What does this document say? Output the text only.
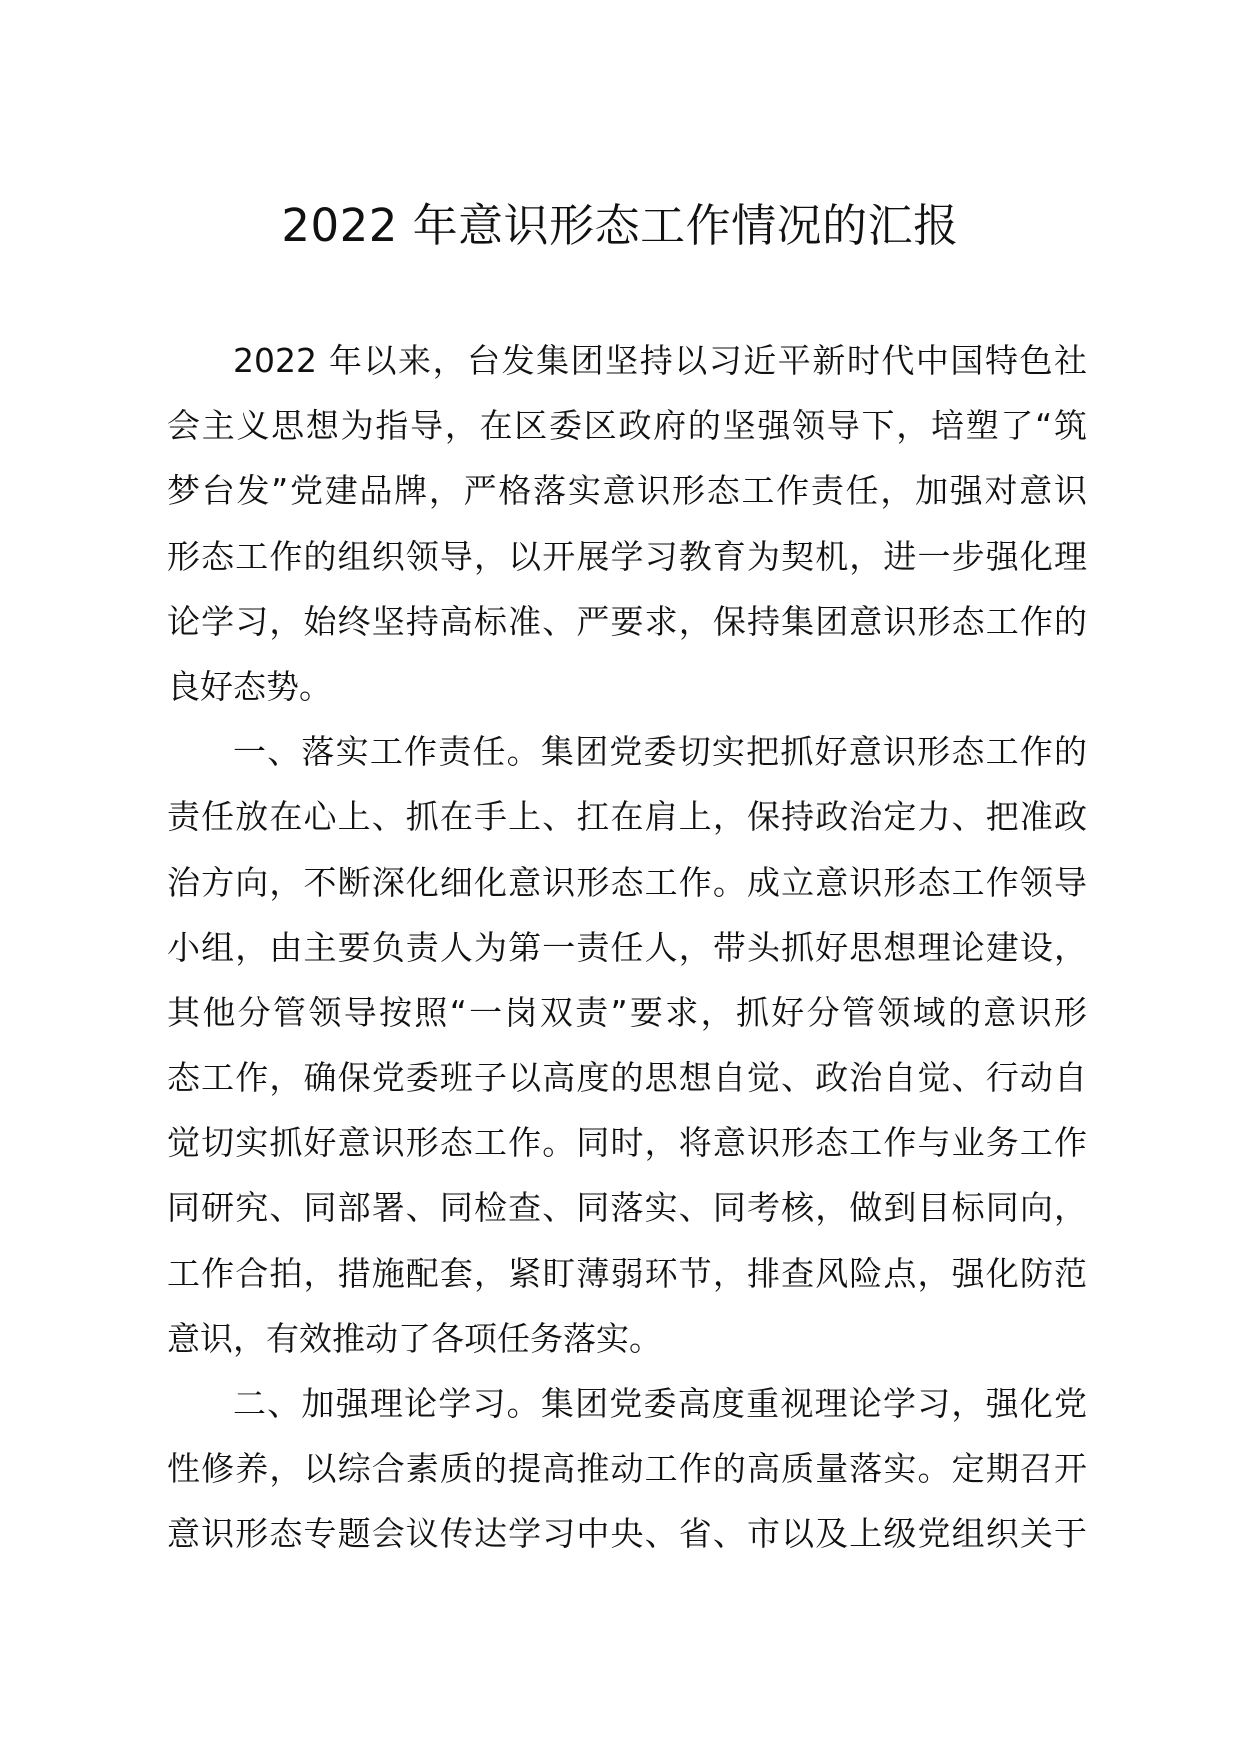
2022 年意识形态工作情况的汇报
2022 年以来，台发集团坚持以习近平新时代中国特色社
会主义思想为指导，在区委区政府的坚强领导下，培塑了“筑
梦台发”党建品牌，严格落实意识形态工作责任，加强对意识
形态工作的组织领导，以开展学习教育为契机，进一步强化理
论学习，始终坚持高标准、严要求，保持集团意识形态工作的
良好态势。
一、落实工作责任。集团党委切实把抓好意识形态工作的
责任放在心上、抓在手上、扛在肩上，保持政治定力、把准政
治方向，不断深化细化意识形态工作。成立意识形态工作领导
小组，由主要负责人为第一责任人，带头抓好思想理论建设，
其他分管领导按照“一岗双责”要求，抓好分管领域的意识形
态工作，确保党委班子以高度的思想自觉、政治自觉、行动自
觉切实抓好意识形态工作。同时，将意识形态工作与业务工作
同研究、同部署、同检查、同落实、同考核，做到目标同向，
工作合拍，措施配套，紧盯薄弱环节，排查风险点，强化防范
意识，有效推动了各项任务落实。
二、加强理论学习。集团党委高度重视理论学习，强化党
性修养，以综合素质的提高推动工作的高质量落实。定期召开
意识形态专题会议传达学习中央、省、市以及上级党组织关于
